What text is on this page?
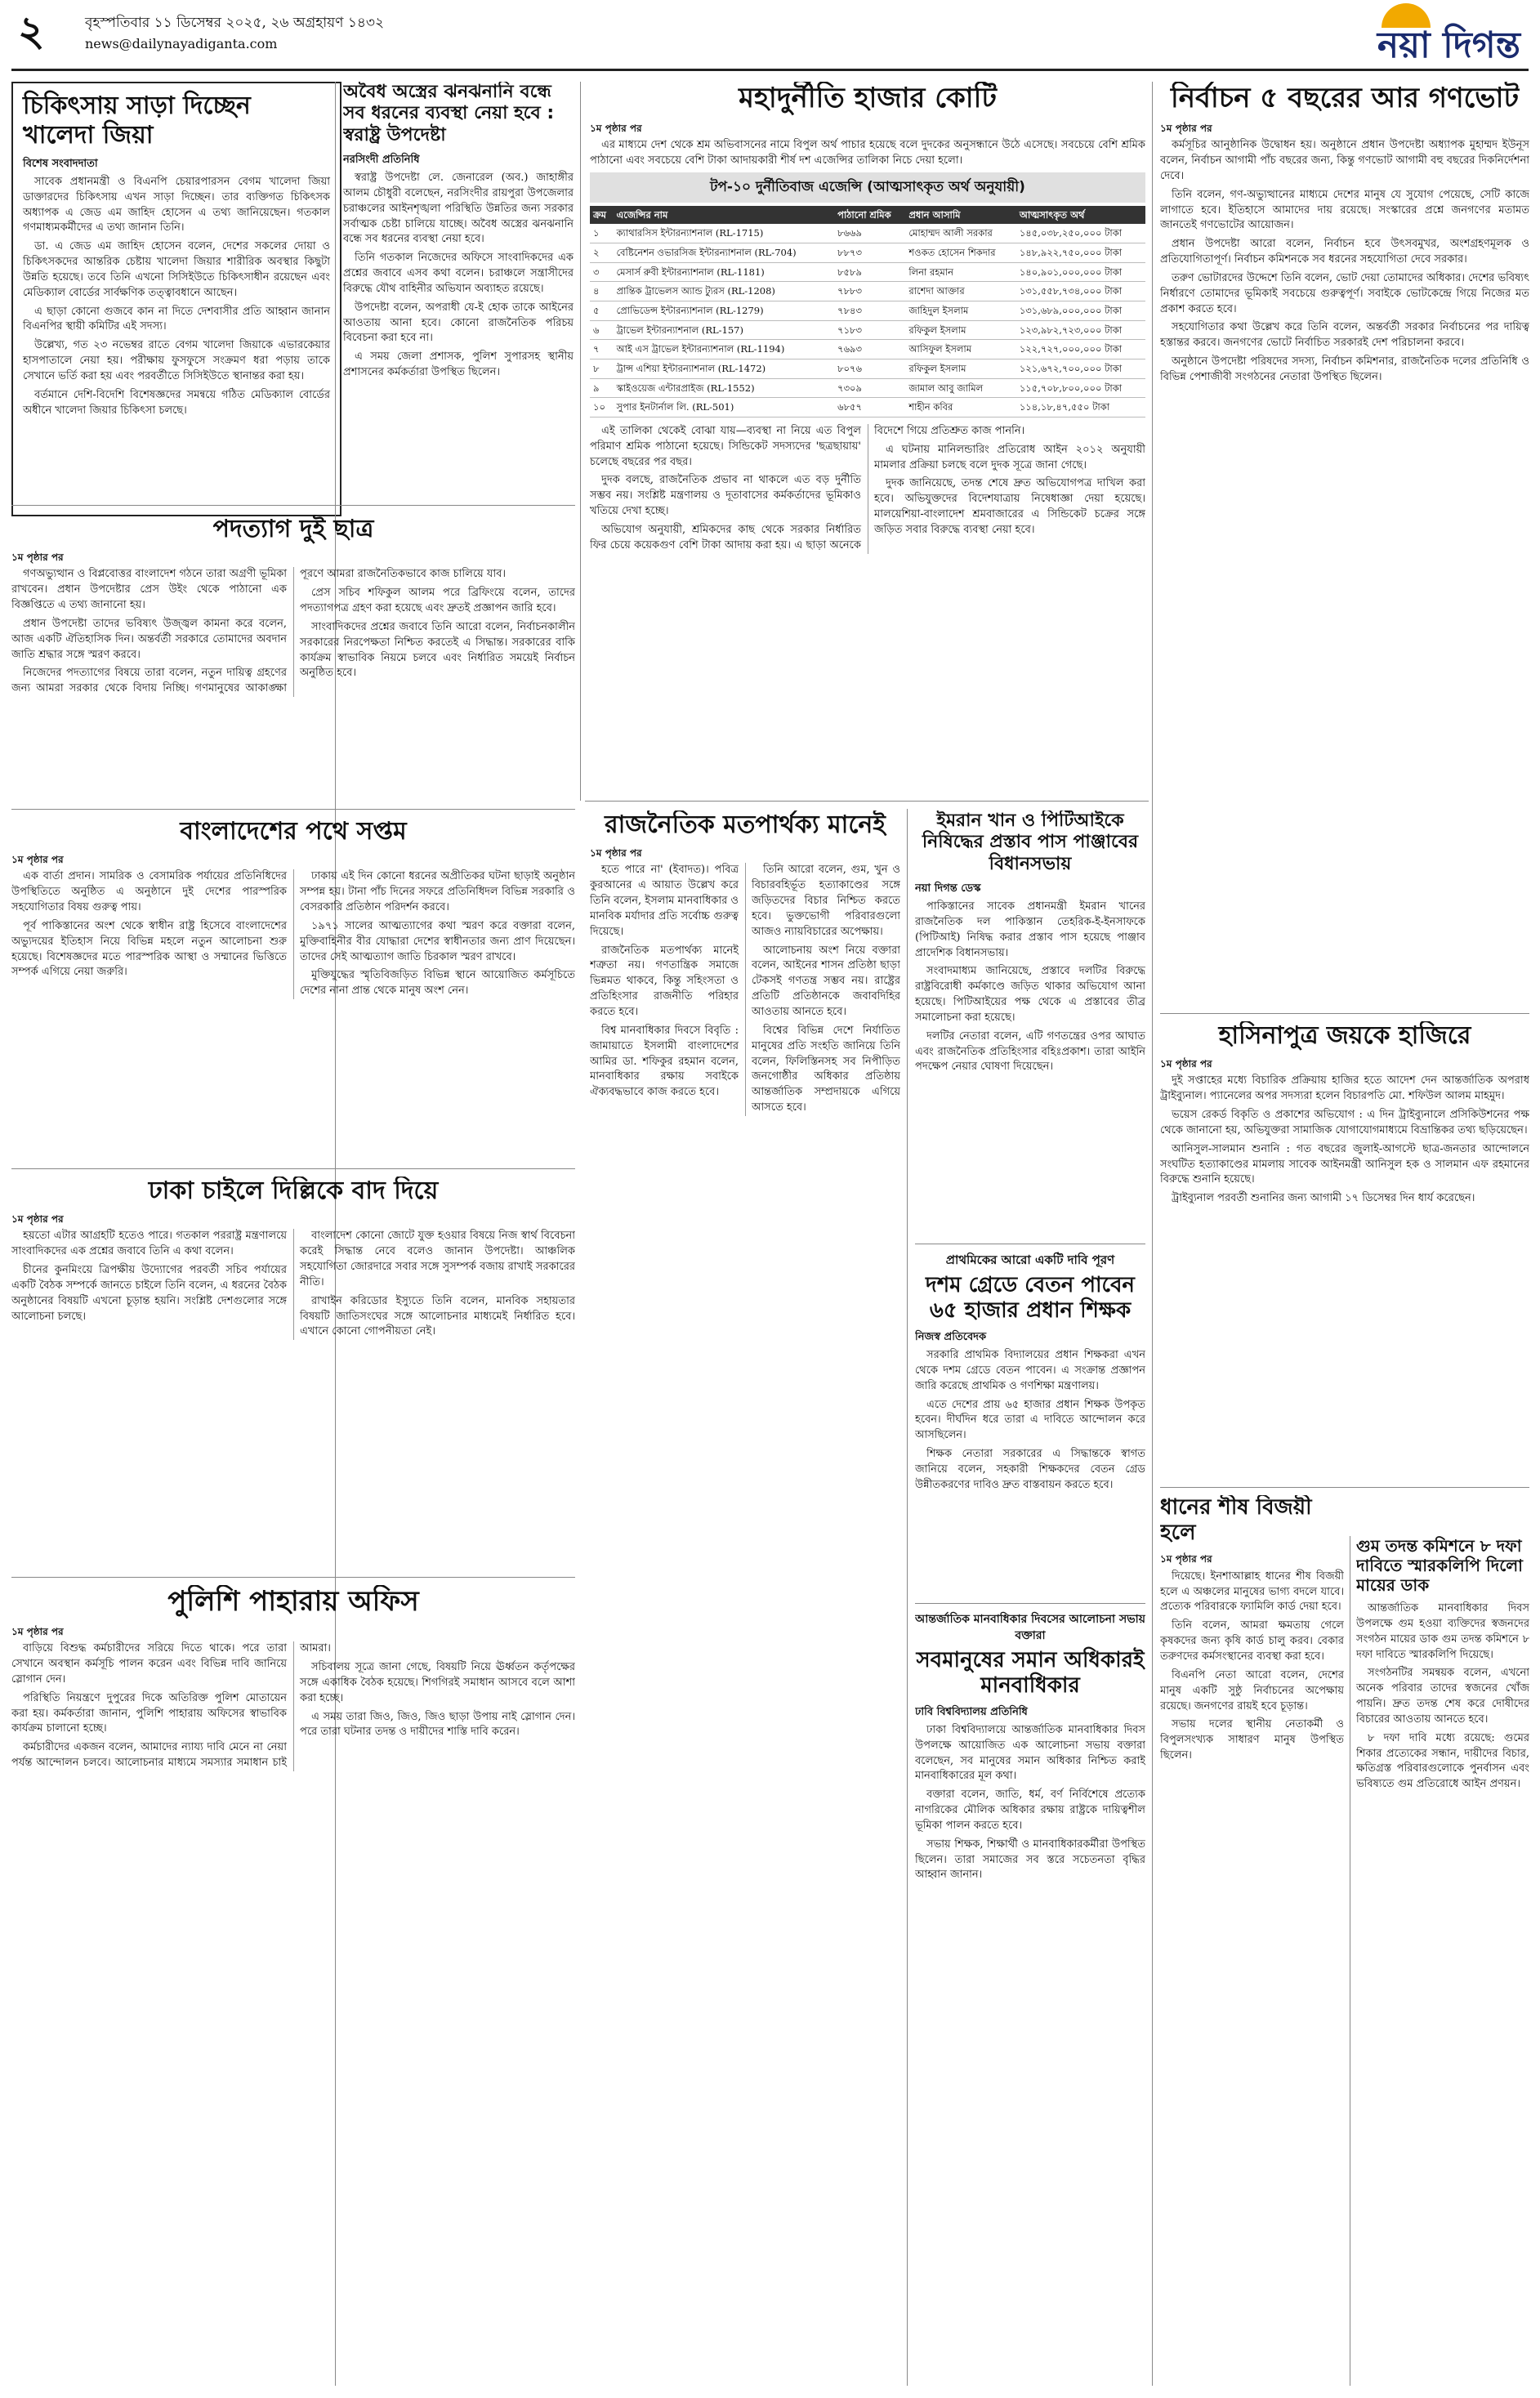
২	বৃহস্পতিবার ১১ ডিসেম্বর ২০২৫, ২৬ অগ্রহায়ণ ১৪৩২
news@dailynayadiganta.com	নয়া দিগন্ত
চিকিৎসায় সাড়া দিচ্ছেন খালেদা জিয়া
বিশেষ সংবাদদাতা

সাবেক প্রধানমন্ত্রী ও বিএনপি চেয়ারপারসন বেগম খালেদা জিয়া ডাক্তারদের চিকিৎসায় এখন সাড়া দিচ্ছেন। তার ব্যক্তিগত চিকিৎসক অধ্যাপক এ জেড এম জাহিদ হোসেন এ তথ্য জানিয়েছেন। গতকাল গণমাধ্যমকর্মীদের এ তথ্য জানান তিনি।

ডা. এ জেড এম জাহিদ হোসেন বলেন, দেশের সকলের দোয়া ও চিকিৎসকদের আন্তরিক চেষ্টায় খালেদা জিয়ার শারীরিক অবস্থার কিছুটা উন্নতি হয়েছে। তবে তিনি এখনো সিসিইউতে চিকিৎসাধীন রয়েছেন এবং মেডিক্যাল বোর্ডের সার্বক্ষণিক তত্ত্বাবধানে আছেন।

এ ছাড়া কোনো গুজবে কান না দিতে দেশবাসীর প্রতি আহ্বান জানান বিএনপির স্থায়ী কমিটির এই সদস্য।

উল্লেখ্য, গত ২৩ নভেম্বর রাতে বেগম খালেদা জিয়াকে এভারকেয়ার হাসপাতালে নেয়া হয়। পরীক্ষায় ফুসফুসে সংক্রমণ ধরা পড়ায় তাকে সেখানে ভর্তি করা হয় এবং পরবর্তীতে সিসিইউতে স্থানান্তর করা হয়।

বর্তমানে দেশি-বিদেশি বিশেষজ্ঞদের সমন্বয়ে গঠিত মেডিক্যাল বোর্ডের অধীনে খালেদা জিয়ার চিকিৎসা চলছে।

অবৈধ অস্ত্রের ঝনঝনানি বন্ধে সব ধরনের ব্যবস্থা নেয়া হবে : স্বরাষ্ট্র উপদেষ্টা
নরসিংদী প্রতিনিধি

স্বরাষ্ট্র উপদেষ্টা লে. জেনারেল (অব.) জাহাঙ্গীর আলম চৌধুরী বলেছেন, নরসিংদীর রায়পুরা উপজেলার চরাঞ্চলের আইনশৃঙ্খলা পরিস্থিতি উন্নতির জন্য সরকার সর্বাত্মক চেষ্টা চালিয়ে যাচ্ছে। অবৈধ অস্ত্রের ঝনঝনানি বন্ধে সব ধরনের ব্যবস্থা নেয়া হবে।

তিনি গতকাল নিজেদের অফিসে সাংবাদিকদের এক প্রশ্নের জবাবে এসব কথা বলেন। চরাঞ্চলে সন্ত্রাসীদের বিরুদ্ধে যৌথ বাহিনীর অভিযান অব্যাহত রয়েছে।

উপদেষ্টা বলেন, অপরাধী যে-ই হোক তাকে আইনের আওতায় আনা হবে। কোনো রাজনৈতিক পরিচয় বিবেচনা করা হবে না।

এ সময় জেলা প্রশাসক, পুলিশ সুপারসহ স্থানীয় প্রশাসনের কর্মকর্তারা উপস্থিত ছিলেন।

পদত্যাগ দুই ছাত্র
১ম পৃষ্ঠার পর

গণঅভ্যুত্থান ও বিপ্লবোত্তর বাংলাদেশ গঠনে তারা অগ্রণী ভূমিকা রাখবেন। প্রধান উপদেষ্টার প্রেস উইং থেকে পাঠানো এক বিজ্ঞপ্তিতে এ তথ্য জানানো হয়।

প্রধান উপদেষ্টা তাদের ভবিষ্যৎ উজ্জ্বল কামনা করে বলেন, আজ একটি ঐতিহাসিক দিন। অন্তর্বর্তী সরকারে তোমাদের অবদান জাতি শ্রদ্ধার সঙ্গে স্মরণ করবে।

নিজেদের পদত্যাগের বিষয়ে তারা বলেন, নতুন দায়িত্ব গ্রহণের জন্য আমরা সরকার থেকে বিদায় নিচ্ছি। গণমানুষের আকাঙ্ক্ষা পূরণে আমরা রাজনৈতিকভাবে কাজ চালিয়ে যাব।

প্রেস সচিব শফিকুল আলম পরে ব্রিফিংয়ে বলেন, তাদের পদত্যাগপত্র গ্রহণ করা হয়েছে এবং দ্রুতই প্রজ্ঞাপন জারি হবে।

সাংবাদিকদের প্রশ্নের জবাবে তিনি আরো বলেন, নির্বাচনকালীন সরকারের নিরপেক্ষতা নিশ্চিত করতেই এ সিদ্ধান্ত। সরকারের বাকি কার্যক্রম স্বাভাবিক নিয়মে চলবে এবং নির্ধারিত সময়েই নির্বাচন অনুষ্ঠিত হবে।

বাংলাদেশের পথে সপ্তম
১ম পৃষ্ঠার পর

এক বার্তা প্রদান। সামরিক ও বেসামরিক পর্যায়ের প্রতিনিধিদের উপস্থিতিতে অনুষ্ঠিত এ অনুষ্ঠানে দুই দেশের পারস্পরিক সহযোগিতার বিষয় গুরুত্ব পায়।

পূর্ব পাকিস্তানের অংশ থেকে স্বাধীন রাষ্ট্র হিসেবে বাংলাদেশের অভ্যুদয়ের ইতিহাস নিয়ে বিভিন্ন মহলে নতুন আলোচনা শুরু হয়েছে। বিশেষজ্ঞদের মতে পারস্পরিক আস্থা ও সম্মানের ভিত্তিতে সম্পর্ক এগিয়ে নেয়া জরুরি।

ঢাকায় এই দিন কোনো ধরনের অপ্রীতিকর ঘটনা ছাড়াই অনুষ্ঠান সম্পন্ন হয়। টানা পাঁচ দিনের সফরে প্রতিনিধিদল বিভিন্ন সরকারি ও বেসরকারি প্রতিষ্ঠান পরিদর্শন করবে।

১৯৭১ সালের আত্মত্যাগের কথা স্মরণ করে বক্তারা বলেন, মুক্তিবাহিনীর বীর যোদ্ধারা দেশের স্বাধীনতার জন্য প্রাণ দিয়েছেন। তাদের সেই আত্মত্যাগ জাতি চিরকাল স্মরণ রাখবে।

মুক্তিযুদ্ধের স্মৃতিবিজড়িত বিভিন্ন স্থানে আয়োজিত কর্মসূচিতে দেশের নানা প্রান্ত থেকে মানুষ অংশ নেন।

ঢাকা চাইলে দিল্লিকে বাদ দিয়ে
১ম পৃষ্ঠার পর

হয়তো এটার আগ্রহটি হতেও পারে। গতকাল পররাষ্ট্র মন্ত্রণালয়ে সাংবাদিকদের এক প্রশ্নের জবাবে তিনি এ কথা বলেন।

চীনের কুনমিংয়ে ত্রিপক্ষীয় উদ্যোগের পরবর্তী সচিব পর্যায়ের একটি বৈঠক সম্পর্কে জানতে চাইলে তিনি বলেন, এ ধরনের বৈঠক অনুষ্ঠানের বিষয়টি এখনো চূড়ান্ত হয়নি। সংশ্লিষ্ট দেশগুলোর সঙ্গে আলোচনা চলছে।

বাংলাদেশ কোনো জোটে যুক্ত হওয়ার বিষয়ে নিজ স্বার্থ বিবেচনা করেই সিদ্ধান্ত নেবে বলেও জানান উপদেষ্টা। আঞ্চলিক সহযোগিতা জোরদারে সবার সঙ্গে সুসম্পর্ক বজায় রাখাই সরকারের নীতি।

রাখাইন করিডোর ইস্যুতে তিনি বলেন, মানবিক সহায়তার বিষয়টি জাতিসংঘের সঙ্গে আলোচনার মাধ্যমেই নির্ধারিত হবে। এখানে কোনো গোপনীয়তা নেই।

পুলিশি পাহারায় অফিস
১ম পৃষ্ঠার পর

বাড়িয়ে বিশুদ্ধ কর্মচারীদের সরিয়ে দিতে থাকে। পরে তারা সেখানে অবস্থান কর্মসূচি পালন করেন এবং বিভিন্ন দাবি জানিয়ে স্লোগান দেন।

পরিস্থিতি নিয়ন্ত্রণে দুপুরের দিকে অতিরিক্ত পুলিশ মোতায়েন করা হয়। কর্মকর্তারা জানান, পুলিশি পাহারায় অফিসের স্বাভাবিক কার্যক্রম চালানো হচ্ছে।

কর্মচারীদের একজন বলেন, আমাদের ন্যায্য দাবি মেনে না নেয়া পর্যন্ত আন্দোলন চলবে। আলোচনার মাধ্যমে সমস্যার সমাধান চাই আমরা।

সচিবালয় সূত্রে জানা গেছে, বিষয়টি নিয়ে ঊর্ধ্বতন কর্তৃপক্ষের সঙ্গে একাধিক বৈঠক হয়েছে। শিগগিরই সমাধান আসবে বলে আশা করা হচ্ছে।

এ সময় তারা জিও, জিও, জিও ছাড়া উপায় নাই স্লোগান দেন। পরে তারা ঘটনার তদন্ত ও দায়ীদের শাস্তি দাবি করেন।

মহাদুর্নীতি হাজার কোটি
১ম পৃষ্ঠার পর

এর মাধ্যমে দেশ থেকে শ্রম অভিবাসনের নামে বিপুল অর্থ পাচার হয়েছে বলে দুদকের অনুসন্ধানে উঠে এসেছে। সবচেয়ে বেশি শ্রমিক পাঠানো এবং সবচেয়ে বেশি টাকা আদায়কারী শীর্ষ দশ এজেন্সির তালিকা নিচে দেয়া হলো।

টপ-১০ দুর্নীতিবাজ এজেন্সি (আত্মসাৎকৃত অর্থ অনুযায়ী)
ক্রম	এজেন্সির নাম	পাঠানো শ্রমিক	প্রধান আসামি	আত্মসাৎকৃত অর্থ
১	ক্যাথারসিস ইন্টারন্যাশনাল (RL-1715)	৮৬৬৯	মোহাম্মদ আলী সরকার	১৪৫,০৩৮,২৫০,০০০ টাকা
২	বেষ্টিনেশন ওভারসিজ ইন্টারন্যাশনাল (RL-704)	৮৮৭৩	শওকত হোসেন শিকদার	১৪৮,৯২২,৭৫০,০০০ টাকা
৩	মেসার্স রুবী ইন্টারন্যাশনাল (RL-1181)	৮৫৮৯	লিনা রহমান	১৪০,৯০১,০০০,০০০ টাকা
৪	প্রান্তিক ট্রাভেলস অ্যান্ড ট্যুরস (RL-1208)	৭৮৮৩	রাশেদা আক্তার	১৩১,৫৫৮,৭৩৪,০০০ টাকা
৫	প্রোভিডেন্স ইন্টারন্যাশনাল (RL-1279)	৭৮৪৩	জাহিদুল ইসলাম	১৩১,৬৮৯,০০০,০০০ টাকা
৬	ট্রাভেল ইন্টারন্যাশনাল (RL-157)	৭১৮৩	রফিকুল ইসলাম	১২৩,৯৮২,৭২৩,০০০ টাকা
৭	আই এস ট্রাভেল ইন্টারন্যাশনাল (RL-1194)	৭৬৯৩	আসিফুল ইসলাম	১২২,৭২৭,০০০,০০০ টাকা
৮	ট্রান্স এশিয়া ইন্টারন্যাশনাল (RL-1472)	৮০৭৬	রফিকুল ইসলাম	১২১,৬৭২,৭০০,০০০ টাকা
৯	স্কাইওয়েজ এন্টারপ্রাইজ (RL-1552)	৭৩০৯	জামাল আবু জামিল	১১৫,৭০৮,৮০০,০০০ টাকা
১০	সুপার ইনটার্নাল লি. (RL-501)	৬৮৫৭	শাহীন কবির	১১৪,১৮,৪৭,৫৫০ টাকা

এই তালিকা থেকেই বোঝা যায়—ব্যবস্থা না নিয়ে এত বিপুল পরিমাণ শ্রমিক পাঠানো হয়েছে। সিন্ডিকেট সদস্যদের 'ছত্রছায়ায়' চলেছে বছরের পর বছর।

দুদক বলছে, রাজনৈতিক প্রভাব না থাকলে এত বড় দুর্নীতি সম্ভব নয়। সংশ্লিষ্ট মন্ত্রণালয় ও দূতাবাসের কর্মকর্তাদের ভূমিকাও খতিয়ে দেখা হচ্ছে।

অভিযোগ অনুযায়ী, শ্রমিকদের কাছ থেকে সরকার নির্ধারিত ফির চেয়ে কয়েকগুণ বেশি টাকা আদায় করা হয়। এ ছাড়া অনেকে বিদেশে গিয়ে প্রতিশ্রুত কাজ পাননি।

এ ঘটনায় মানিলন্ডারিং প্রতিরোধ আইন ২০১২ অনুযায়ী মামলার প্রক্রিয়া চলছে বলে দুদক সূত্রে জানা গেছে।

দুদক জানিয়েছে, তদন্ত শেষে দ্রুত অভিযোগপত্র দাখিল করা হবে। অভিযুক্তদের বিদেশযাত্রায় নিষেধাজ্ঞা দেয়া হয়েছে। মালয়েশিয়া-বাংলাদেশ শ্রমবাজারের এ সিন্ডিকেট চক্রের সঙ্গে জড়িত সবার বিরুদ্ধে ব্যবস্থা নেয়া হবে।

রাজনৈতিক মতপার্থক্য মানেই
১ম পৃষ্ঠার পর

হতে পারে না' (ইবাদত)। পবিত্র কুরআনের এ আয়াত উল্লেখ করে তিনি বলেন, ইসলাম মানবাধিকার ও মানবিক মর্যাদার প্রতি সর্বোচ্চ গুরুত্ব দিয়েছে।

রাজনৈতিক মতপার্থক্য মানেই শত্রুতা নয়। গণতান্ত্রিক সমাজে ভিন্নমত থাকবে, কিন্তু সহিংসতা ও প্রতিহিংসার রাজনীতি পরিহার করতে হবে।

বিশ্ব মানবাধিকার দিবসে বিবৃতি : জামায়াতে ইসলামী বাংলাদেশের আমির ডা. শফিকুর রহমান বলেন, মানবাধিকার রক্ষায় সবাইকে ঐক্যবদ্ধভাবে কাজ করতে হবে।

তিনি আরো বলেন, গুম, খুন ও বিচারবহির্ভূত হত্যাকাণ্ডের সঙ্গে জড়িতদের বিচার নিশ্চিত করতে হবে। ভুক্তভোগী পরিবারগুলো আজও ন্যায়বিচারের অপেক্ষায়।

আলোচনায় অংশ নিয়ে বক্তারা বলেন, আইনের শাসন প্রতিষ্ঠা ছাড়া টেকসই গণতন্ত্র সম্ভব নয়। রাষ্ট্রের প্রতিটি প্রতিষ্ঠানকে জবাবদিহির আওতায় আনতে হবে।

বিশ্বের বিভিন্ন দেশে নির্যাতিত মানুষের প্রতি সংহতি জানিয়ে তিনি বলেন, ফিলিস্তিনসহ সব নিপীড়িত জনগোষ্ঠীর অধিকার প্রতিষ্ঠায় আন্তর্জাতিক সম্প্রদায়কে এগিয়ে আসতে হবে।

ইমরান খান ও পিটিআইকে নিষিদ্ধের প্রস্তাব পাস পাঞ্জাবের বিধানসভায়
নয়া দিগন্ত ডেস্ক

পাকিস্তানের সাবেক প্রধানমন্ত্রী ইমরান খানের রাজনৈতিক দল পাকিস্তান তেহরিক-ই-ইনসাফকে (পিটিআই) নিষিদ্ধ করার প্রস্তাব পাস হয়েছে পাঞ্জাব প্রাদেশিক বিধানসভায়।

সংবাদমাধ্যম জানিয়েছে, প্রস্তাবে দলটির বিরুদ্ধে রাষ্ট্রবিরোধী কর্মকাণ্ডে জড়িত থাকার অভিযোগ আনা হয়েছে। পিটিআইয়ের পক্ষ থেকে এ প্রস্তাবের তীব্র সমালোচনা করা হয়েছে।

দলটির নেতারা বলেন, এটি গণতন্ত্রের ওপর আঘাত এবং রাজনৈতিক প্রতিহিংসার বহিঃপ্রকাশ। তারা আইনি পদক্ষেপ নেয়ার ঘোষণা দিয়েছেন।

প্রাথমিকের আরো একটি দাবি পূরণ
দশম গ্রেডে বেতন পাবেন ৬৫ হাজার প্রধান শিক্ষক
নিজস্ব প্রতিবেদক

সরকারি প্রাথমিক বিদ্যালয়ের প্রধান শিক্ষকরা এখন থেকে দশম গ্রেডে বেতন পাবেন। এ সংক্রান্ত প্রজ্ঞাপন জারি করেছে প্রাথমিক ও গণশিক্ষা মন্ত্রণালয়।

এতে দেশের প্রায় ৬৫ হাজার প্রধান শিক্ষক উপকৃত হবেন। দীর্ঘদিন ধরে তারা এ দাবিতে আন্দোলন করে আসছিলেন।

শিক্ষক নেতারা সরকারের এ সিদ্ধান্তকে স্বাগত জানিয়ে বলেন, সহকারী শিক্ষকদের বেতন গ্রেড উন্নীতকরণের দাবিও দ্রুত বাস্তবায়ন করতে হবে।

আন্তর্জাতিক মানবাধিকার দিবসের আলোচনা সভায় বক্তারা
সবমানুষের সমান অধিকারই মানবাধিকার
ঢাবি বিশ্ববিদ্যালয় প্রতিনিধি

ঢাকা বিশ্ববিদ্যালয়ে আন্তর্জাতিক মানবাধিকার দিবস উপলক্ষে আয়োজিত এক আলোচনা সভায় বক্তারা বলেছেন, সব মানুষের সমান অধিকার নিশ্চিত করাই মানবাধিকারের মূল কথা।

বক্তারা বলেন, জাতি, ধর্ম, বর্ণ নির্বিশেষে প্রত্যেক নাগরিকের মৌলিক অধিকার রক্ষায় রাষ্ট্রকে দায়িত্বশীল ভূমিকা পালন করতে হবে।

সভায় শিক্ষক, শিক্ষার্থী ও মানবাধিকারকর্মীরা উপস্থিত ছিলেন। তারা সমাজের সব স্তরে সচেতনতা বৃদ্ধির আহ্বান জানান।

নির্বাচন ৫ বছরের আর গণভোট
১ম পৃষ্ঠার পর

কর্মসূচির আনুষ্ঠানিক উদ্বোধন হয়। অনুষ্ঠানে প্রধান উপদেষ্টা অধ্যাপক মুহাম্মদ ইউনূস বলেন, নির্বাচন আগামী পাঁচ বছরের জন্য, কিন্তু গণভোট আগামী বহু বছরের দিকনির্দেশনা দেবে।

তিনি বলেন, গণ-অভ্যুত্থানের মাধ্যমে দেশের মানুষ যে সুযোগ পেয়েছে, সেটি কাজে লাগাতে হবে। ইতিহাসে আমাদের দায় রয়েছে। সংস্কারের প্রশ্নে জনগণের মতামত জানতেই গণভোটের আয়োজন।

প্রধান উপদেষ্টা আরো বলেন, নির্বাচন হবে উৎসবমুখর, অংশগ্রহণমূলক ও প্রতিযোগিতাপূর্ণ। নির্বাচন কমিশনকে সব ধরনের সহযোগিতা দেবে সরকার।

তরুণ ভোটারদের উদ্দেশে তিনি বলেন, ভোট দেয়া তোমাদের অধিকার। দেশের ভবিষ্যৎ নির্ধারণে তোমাদের ভূমিকাই সবচেয়ে গুরুত্বপূর্ণ। সবাইকে ভোটকেন্দ্রে গিয়ে নিজের মত প্রকাশ করতে হবে।

সহযোগিতার কথা উল্লেখ করে তিনি বলেন, অন্তর্বর্তী সরকার নির্বাচনের পর দায়িত্ব হস্তান্তর করবে। জনগণের ভোটে নির্বাচিত সরকারই দেশ পরিচালনা করবে।

অনুষ্ঠানে উপদেষ্টা পরিষদের সদস্য, নির্বাচন কমিশনার, রাজনৈতিক দলের প্রতিনিধি ও বিভিন্ন পেশাজীবী সংগঠনের নেতারা উপস্থিত ছিলেন।

হাসিনাপুত্র জয়কে হাজিরে
১ম পৃষ্ঠার পর

দুই সপ্তাহের মধ্যে বিচারিক প্রক্রিয়ায় হাজির হতে আদেশ দেন আন্তর্জাতিক অপরাধ ট্রাইব্যুনাল। প্যানেলের অপর সদস্যরা হলেন বিচারপতি মো. শফিউল আলম মাহমুদ।

ভয়েস রেকর্ড বিকৃতি ও প্রকাশের অভিযোগ : এ দিন ট্রাইব্যুনালে প্রসিকিউশনের পক্ষ থেকে জানানো হয়, অভিযুক্তরা সামাজিক যোগাযোগমাধ্যমে বিভ্রান্তিকর তথ্য ছড়িয়েছেন।

আনিসুল-সালমান শুনানি : গত বছরের জুলাই-আগস্টে ছাত্র-জনতার আন্দোলনে সংঘটিত হত্যাকাণ্ডের মামলায় সাবেক আইনমন্ত্রী আনিসুল হক ও সালমান এফ রহমানের বিরুদ্ধে শুনানি হয়েছে।

ট্রাইব্যুনাল পরবর্তী শুনানির জন্য আগামী ১৭ ডিসেম্বর দিন ধার্য করেছেন।

ধানের শীষ বিজয়ী হলে
১ম পৃষ্ঠার পর

দিয়েছে। ইনশাআল্লাহ ধানের শীষ বিজয়ী হলে এ অঞ্চলের মানুষের ভাগ্য বদলে যাবে। প্রত্যেক পরিবারকে ফ্যামিলি কার্ড দেয়া হবে।

তিনি বলেন, আমরা ক্ষমতায় গেলে কৃষকদের জন্য কৃষি কার্ড চালু করব। বেকার তরুণদের কর্মসংস্থানের ব্যবস্থা করা হবে।

বিএনপি নেতা আরো বলেন, দেশের মানুষ একটি সুষ্ঠু নির্বাচনের অপেক্ষায় রয়েছে। জনগণের রায়ই হবে চূড়ান্ত।

সভায় দলের স্থানীয় নেতাকর্মী ও বিপুলসংখ্যক সাধারণ মানুষ উপস্থিত ছিলেন।

গুম তদন্ত কমিশনে ৮ দফা দাবিতে স্মারকলিপি দিলো মায়ের ডাক

আন্তর্জাতিক মানবাধিকার দিবস উপলক্ষে গুম হওয়া ব্যক্তিদের স্বজনদের সংগঠন মায়ের ডাক গুম তদন্ত কমিশনে ৮ দফা দাবিতে স্মারকলিপি দিয়েছে।

সংগঠনটির সমন্বয়ক বলেন, এখনো অনেক পরিবার তাদের স্বজনের খোঁজ পায়নি। দ্রুত তদন্ত শেষ করে দোষীদের বিচারের আওতায় আনতে হবে।

৮ দফা দাবি মধ্যে রয়েছে: গুমের শিকার প্রত্যেকের সন্ধান, দায়ীদের বিচার, ক্ষতিগ্রস্ত পরিবারগুলোকে পুনর্বাসন এবং ভবিষ্যতে গুম প্রতিরোধে আইন প্রণয়ন।
